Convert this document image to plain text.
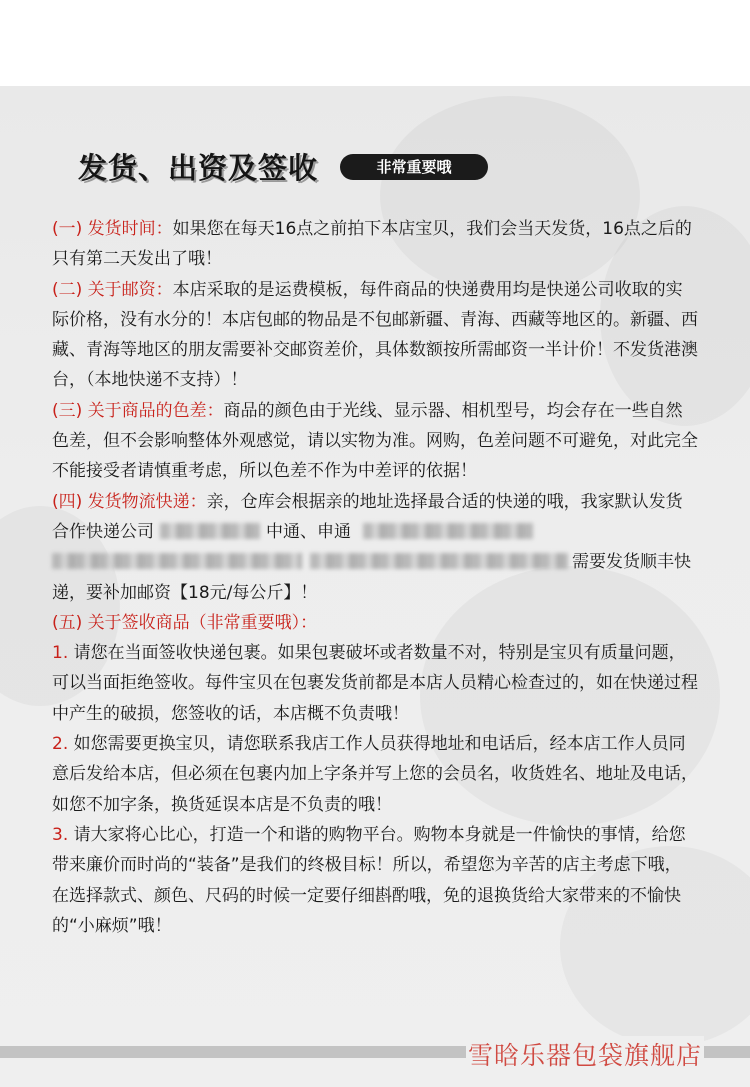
发货、出资及签收	非常重要哦

(一) 发货时间：如果您在每天16点之前拍下本店宝贝，我们会当天发货，16点之后的只有第二天发出了哦！

(二) 关于邮资：本店采取的是运费模板，每件商品的快递费用均是快递公司收取的实际价格，没有水分的！本店包邮的物品是不包邮新疆、青海、西藏等地区的。新疆、西藏、青海等地区的朋友需要补交邮资差价，具体数额按所需邮资一半计价！不发货港澳台，（本地快递不支持）！

(三) 关于商品的色差：商品的颜色由于光线、显示器、相机型号，均会存在一些自然色差，但不会影响整体外观感觉，请以实物为准。网购，色差问题不可避免，对此完全不能接受者请慎重考虑，所以色差不作为中差评的依据！

(四) 发货物流快递：亲，仓库会根据亲的地址选择最合适的快递的哦，我家默认发货合作快递公司	中通、申通需要发货顺丰快递，要补加邮资【18元/每公斤】！

(五) 关于签收商品（非常重要哦）：

1. 请您在当面签收快递包裹。如果包裹破坏或者数量不对，特别是宝贝有质量问题，可以当面拒绝签收。每件宝贝在包裹发货前都是本店人员精心检查过的，如在快递过程中产生的破损，您签收的话，本店概不负责哦！

2. 如您需要更换宝贝，请您联系我店工作人员获得地址和电话后，经本店工作人员同意后发给本店，但必须在包裹内加上字条并写上您的会员名，收货姓名、地址及电话，如您不加字条，换货延误本店是不负责的哦！

3. 请大家将心比心，打造一个和谐的购物平台。购物本身就是一件愉快的事情，给您带来廉价而时尚的“装备”是我们的终极目标！所以，希望您为辛苦的店主考虑下哦，在选择款式、颜色、尺码的时候一定要仔细斟酌哦，免的退换货给大家带来的不愉快的“小麻烦”哦！

雪晗乐器包袋旗舰店
